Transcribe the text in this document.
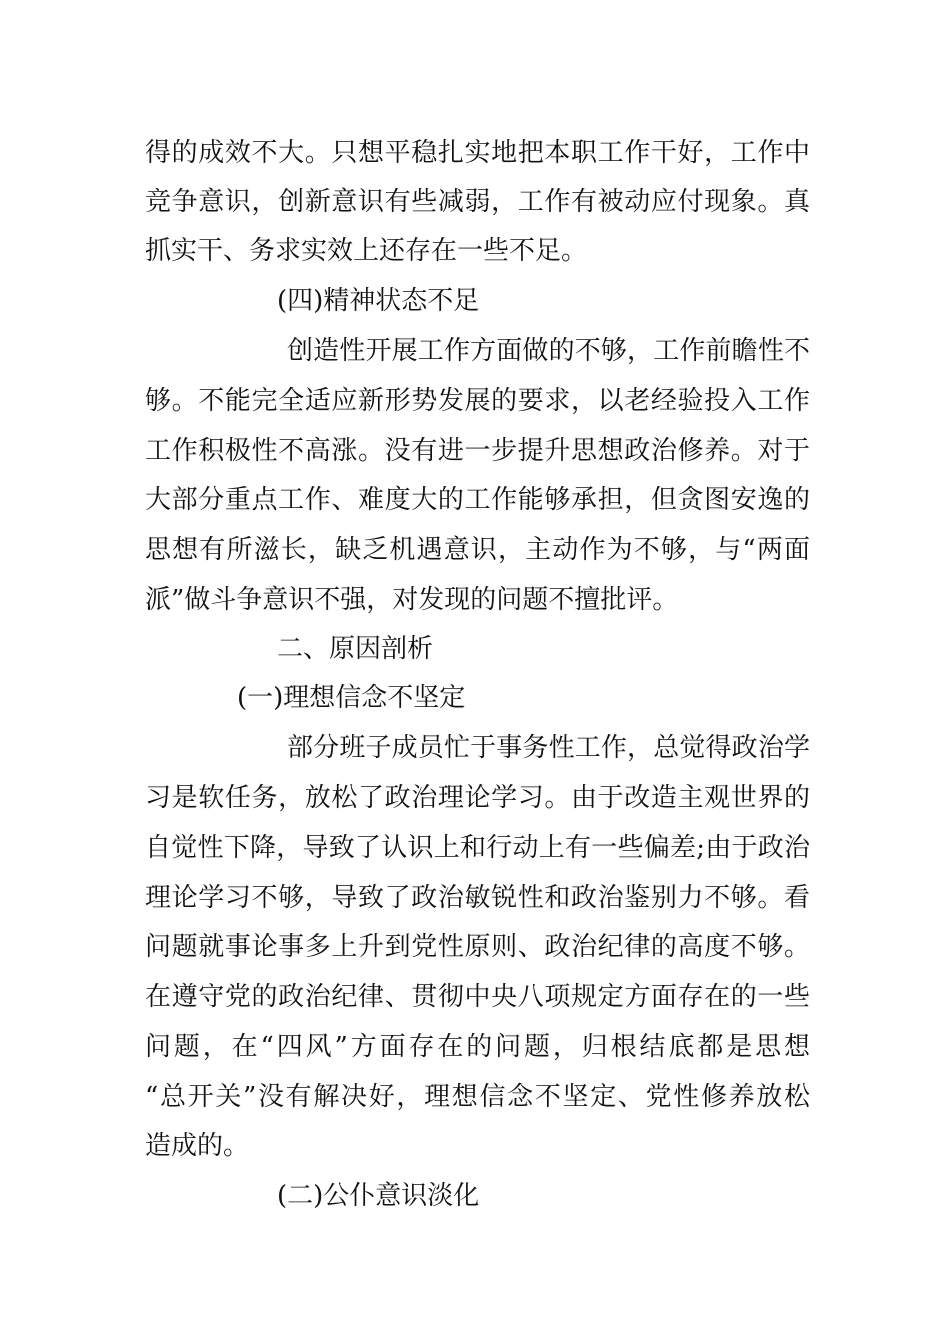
得的成效不大。只想平稳扎实地把本职工作干好，工作中
竞争意识，创新意识有些减弱，工作有被动应付现象。真
抓实干、务求实效上还存在一些不足。
(四)精神状态不足
创造性开展工作方面做的不够，工作前瞻性不
够。不能完全适应新形势发展的要求，以老经验投入工作
工作积极性不高涨。没有进一步提升思想政治修养。对于
大部分重点工作、难度大的工作能够承担，但贪图安逸的
思想有所滋长，缺乏机遇意识，主动作为不够，与“两面
派”做斗争意识不强，对发现的问题不擅批评。
二、原因剖析
(一)理想信念不坚定
部分班子成员忙于事务性工作，总觉得政治学
习是软任务，放松了政治理论学习。由于改造主观世界的
自觉性下降，导致了认识上和行动上有一些偏差;由于政治
理论学习不够，导致了政治敏锐性和政治鉴别力不够。看
问题就事论事多上升到党性原则、政治纪律的高度不够。
在遵守党的政治纪律、贯彻中央八项规定方面存在的一些
问题，在“四风”方面存在的问题，归根结底都是思想
“总开关”没有解决好，理想信念不坚定、党性修养放松
造成的。
(二)公仆意识淡化
